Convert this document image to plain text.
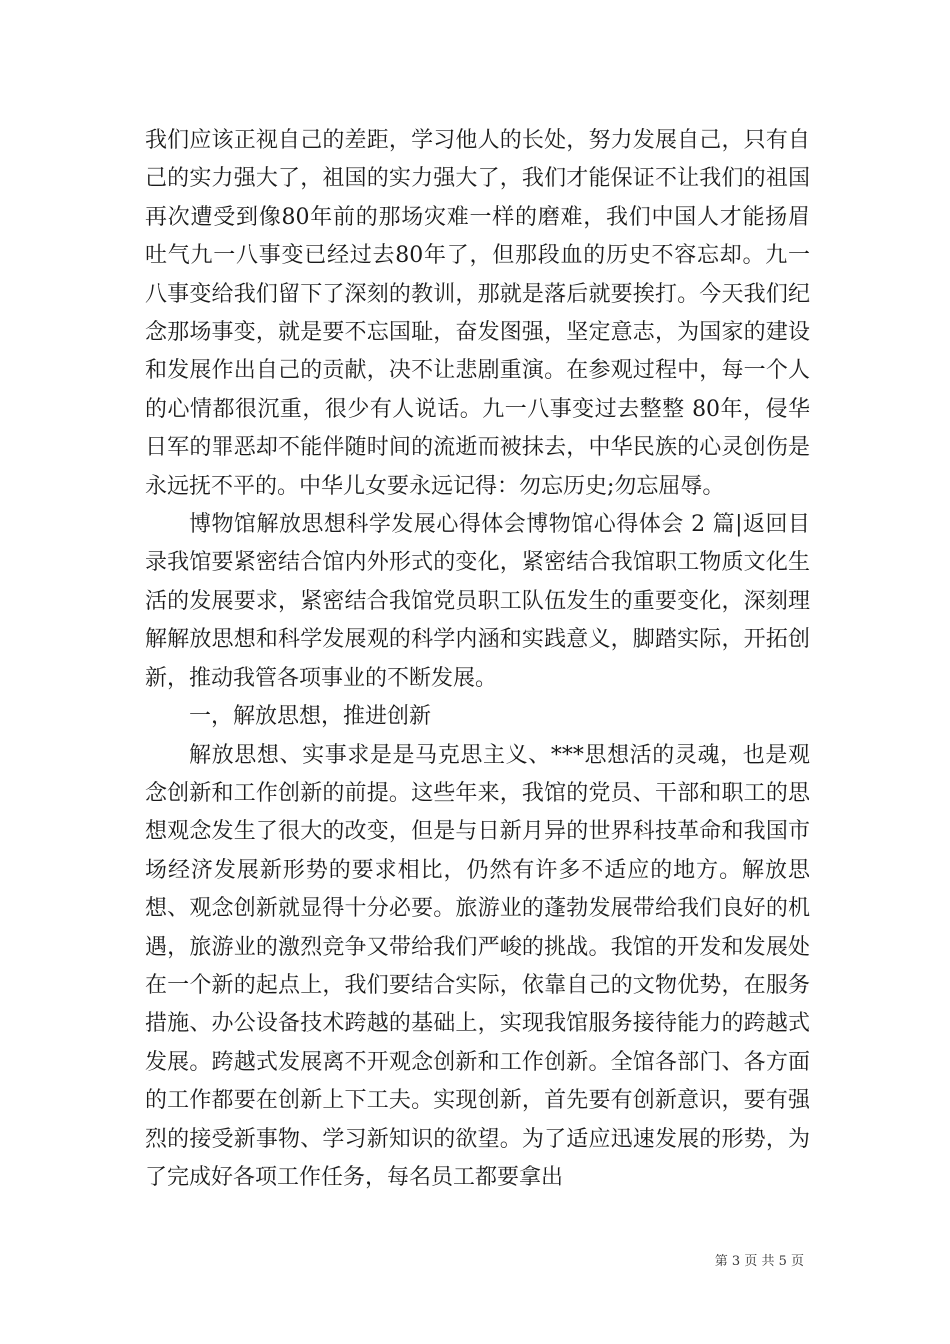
我们应该正视自己的差距，学习他人的长处，努力发展自己，只有自己的实力强大了，祖国的实力强大了，我们才能保证不让我们的祖国再次遭受到像80年前的那场灾难一样的磨难，我们中国人才能扬眉吐气九一八事变已经过去80年了，但那段血的历史不容忘却。九一八事变给我们留下了深刻的教训，那就是落后就要挨打。今天我们纪念那场事变，就是要不忘国耻，奋发图强，坚定意志，为国家的建设和发展作出自己的贡献，决不让悲剧重演。在参观过程中，每一个人的心情都很沉重，很少有人说话。九一八事变过去整整 80年，侵华日军的罪恶却不能伴随时间的流逝而被抹去，中华民族的心灵创伤是永远抚不平的。中华儿女要永远记得：勿忘历史;勿忘屈辱。

博物馆解放思想科学发展心得体会博物馆心得体会 2 篇|返回目录我馆要紧密结合馆内外形式的变化，紧密结合我馆职工物质文化生活的发展要求，紧密结合我馆党员职工队伍发生的重要变化，深刻理解解放思想和科学发展观的科学内涵和实践意义，脚踏实际，开拓创新，推动我管各项事业的不断发展。

一，解放思想，推进创新

解放思想、实事求是是马克思主义、***思想活的灵魂，也是观念创新和工作创新的前提。这些年来，我馆的党员、干部和职工的思想观念发生了很大的改变，但是与日新月异的世界科技革命和我国市场经济发展新形势的要求相比，仍然有许多不适应的地方。解放思想、观念创新就显得十分必要。旅游业的蓬勃发展带给我们良好的机遇，旅游业的激烈竞争又带给我们严峻的挑战。我馆的开发和发展处在一个新的起点上，我们要结合实际，依靠自己的文物优势，在服务措施、办公设备技术跨越的基础上，实现我馆服务接待能力的跨越式发展。跨越式发展离不开观念创新和工作创新。全馆各部门、各方面的工作都要在创新上下工夫。实现创新，首先要有创新意识，要有强烈的接受新事物、学习新知识的欲望。为了适应迅速发展的形势，为了完成好各项工作任务，每名员工都要拿出

第 3 页 共 5 页
